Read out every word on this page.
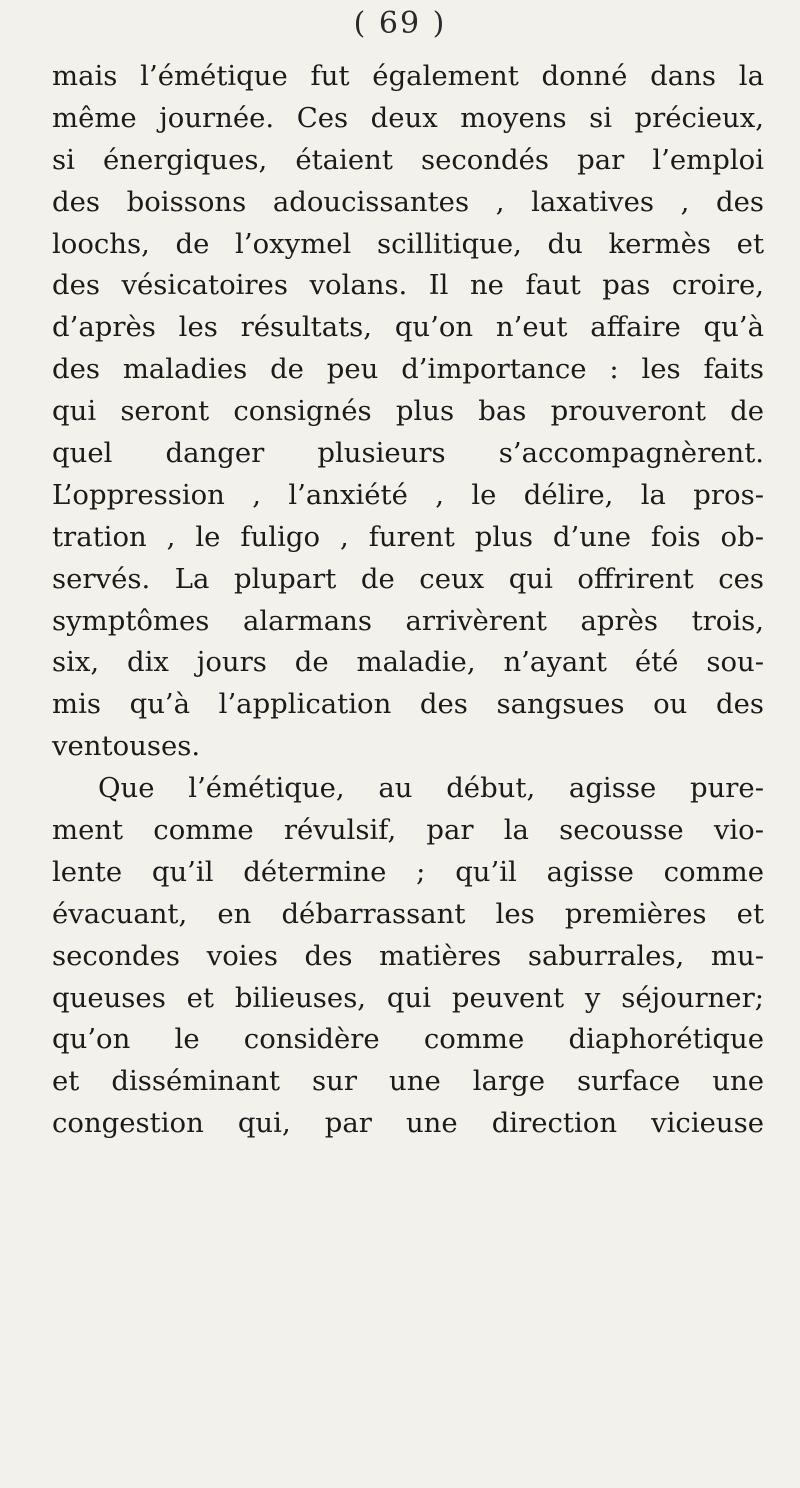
( 69 )
mais l’émétique fut également donné dans la
même journée. Ces deux moyens si précieux,
si énergiques, étaient secondés par l’emploi
des boissons adoucissantes , laxatives , des
loochs, de l’oxymel scillitique, du kermès et
des vésicatoires volans. Il ne faut pas croire,
d’après les résultats, qu’on n’eut affaire qu’à
des maladies de peu d’importance : les faits
qui seront consignés plus bas prouveront de
quel danger plusieurs s’accompagnèrent.
L’oppression , l’anxiété , le délire, la pros-
tration , le fuligo , furent plus d’une fois ob-
servés. La plupart de ceux qui offrirent ces
symptômes alarmans arrivèrent après trois,
six, dix jours de maladie, n’ayant été sou-
mis qu’à l’application des sangsues ou des
ventouses.
Que l’émétique, au début, agisse pure-
ment comme révulsif, par la secousse vio-
lente qu’il détermine ; qu’il agisse comme
évacuant, en débarrassant les premières et
secondes voies des matières saburrales, mu-
queuses et bilieuses, qui peuvent y séjourner;
qu’on le considère comme diaphorétique
et disséminant sur une large surface une
congestion qui, par une direction vicieuse
